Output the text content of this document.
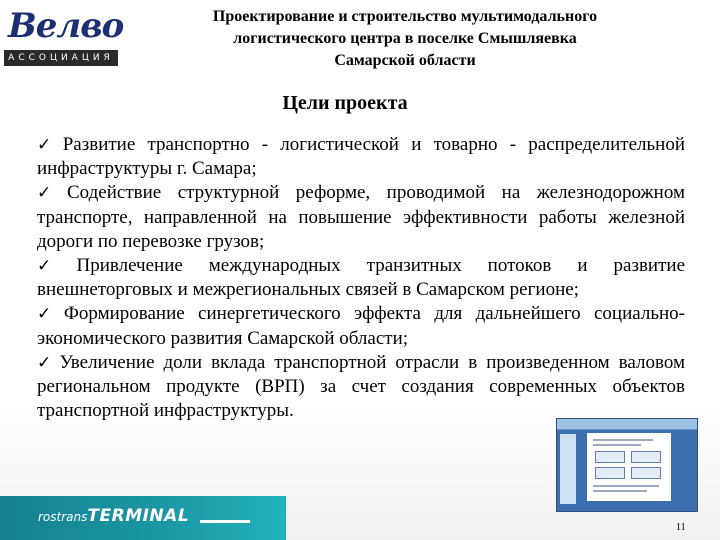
Велво
АССОЦИАЦИЯ
Проектирование и строительство мультимодального
логистического центра в поселке Смышляевка
Самарской области
Цели проекта

✓ Развитие транспортно - логистической и товарно - распределительной инфраструктуры г. Самара;

✓ Содействие структурной реформе, проводимой на железнодорожном транспорте, направленной на повышение эффективности работы железной дороги по перевозке грузов;

✓ Привлечение международных транзитных потоков и развитие внешнеторговых и межрегиональных связей в Самарском регионе;

✓ Формирование синергетического эффекта для дальнейшего социально- экономического развития Самарской области;

✓ Увеличение доли вклада транспортной отрасли в произведенном валовом региональном продукте (ВРП) за счет создания современных объектов транспортной инфраструктуры.

rostransTERMINAL
11
